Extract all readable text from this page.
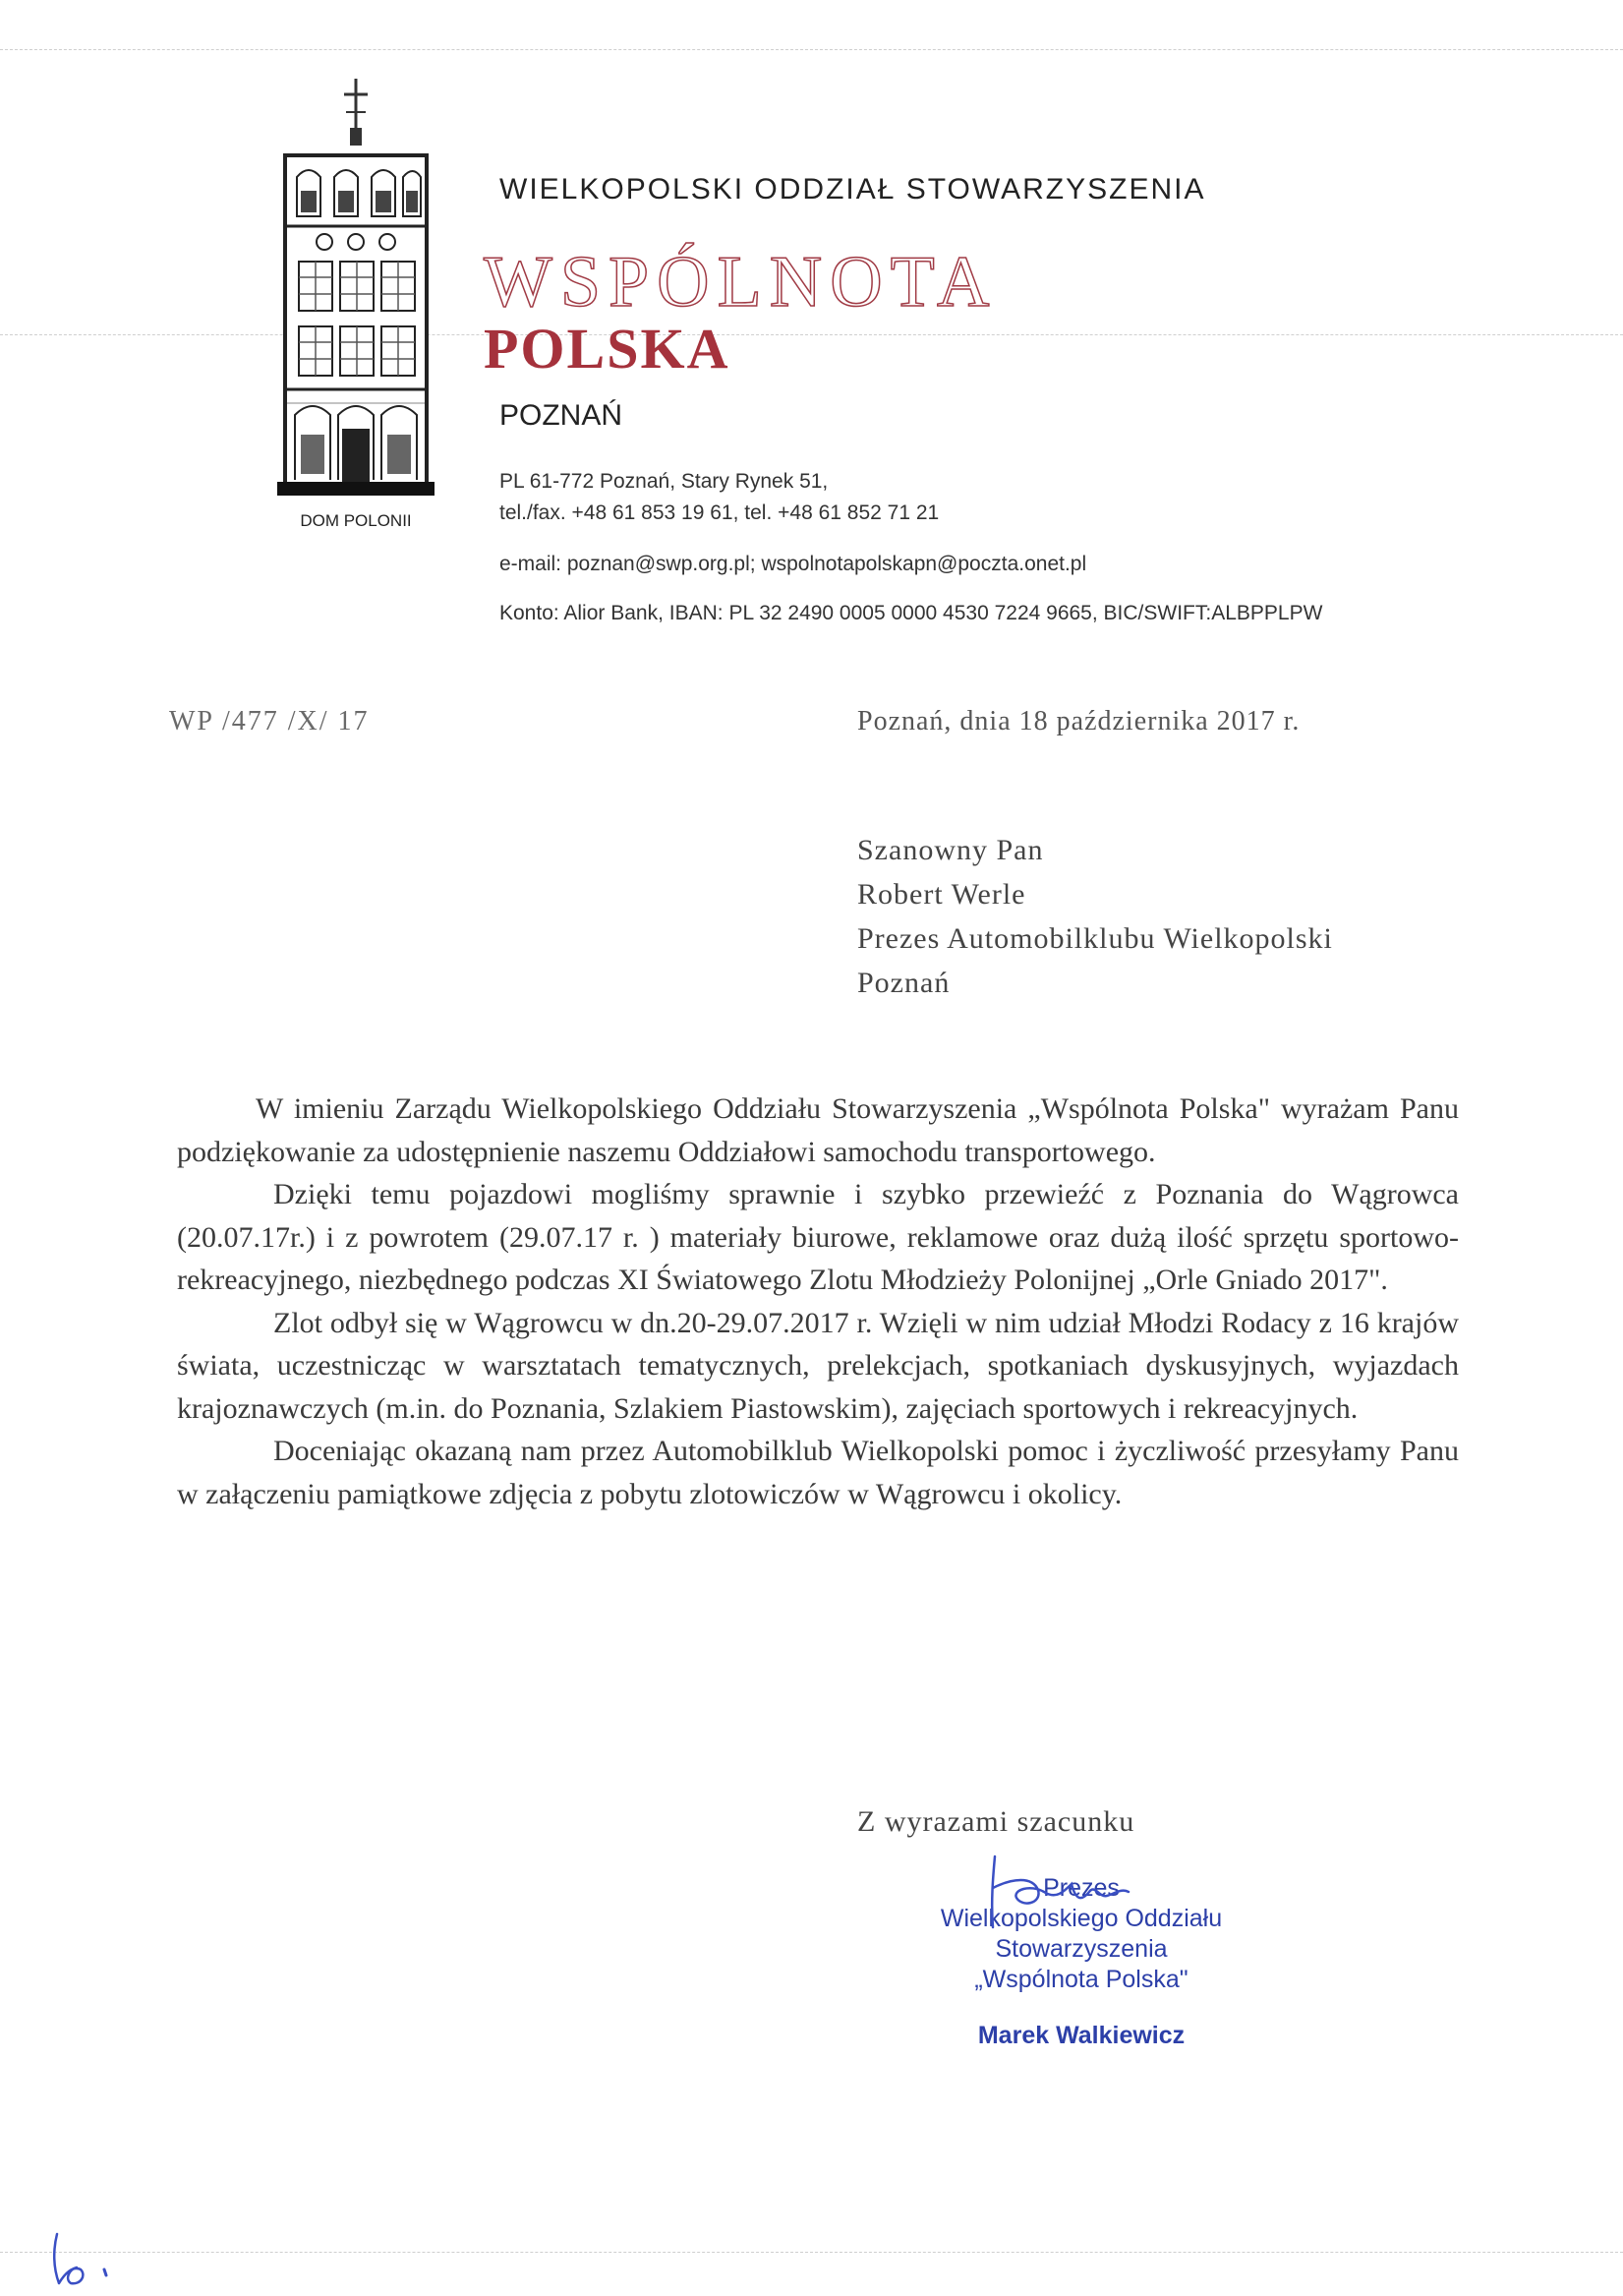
DOM POLONII
WIELKOPOLSKI ODDZIAŁ STOWARZYSZENIA
WSPÓLNOTA
POLSKA
POZNAŃ
PL 61-772 Poznań, Stary Rynek 51,
tel./fax. +48 61 853 19 61, tel. +48 61 852 71 21
e-mail: poznan@swp.org.pl; wspolnotapolskapn@poczta.onet.pl
Konto: Alior Bank, IBAN: PL 32 2490 0005 0000 4530 7224 9665, BIC/SWIFT:ALBPPLPW
WP /477 /X/ 17	Poznań, dnia 18 października 2017 r.
Szanowny Pan
Robert Werle
Prezes Automobilklubu Wielkopolski
Poznań

W imieniu Zarządu Wielkopolskiego Oddziału Stowarzyszenia „Wspólnota Polska" wyrażam Panu podziękowanie za udostępnienie naszemu Oddziałowi samochodu transportowego.

Dzięki temu pojazdowi mogliśmy sprawnie i szybko przewieźć z Poznania do Wągrowca (20.07.17r.) i z powrotem (29.07.17 r. ) materiały biurowe, reklamowe oraz dużą ilość sprzętu sportowo-rekreacyjnego, niezbędnego podczas XI Światowego Zlotu Młodzieży Polonijnej „Orle Gniado 2017".

Zlot odbył się w Wągrowcu w dn.20-29.07.2017 r. Wzięli w nim udział Młodzi Rodacy z 16 krajów świata, uczestnicząc w warsztatach tematycznych, prelekcjach, spotkaniach dyskusyjnych, wyjazdach krajoznawczych (m.in. do Poznania, Szlakiem Piastowskim), zajęciach sportowych i rekreacyjnych.

Doceniając okazaną nam przez Automobilklub Wielkopolski pomoc i życzliwość przesyłamy Panu w załączeniu pamiątkowe zdjęcia z pobytu zlotowiczów w Wągrowcu i okolicy.

Z wyrazami szacunku
Prezes
Wielkopolskiego Oddziału
Stowarzyszenia
„Wspólnota Polska"
Marek Walkiewicz
